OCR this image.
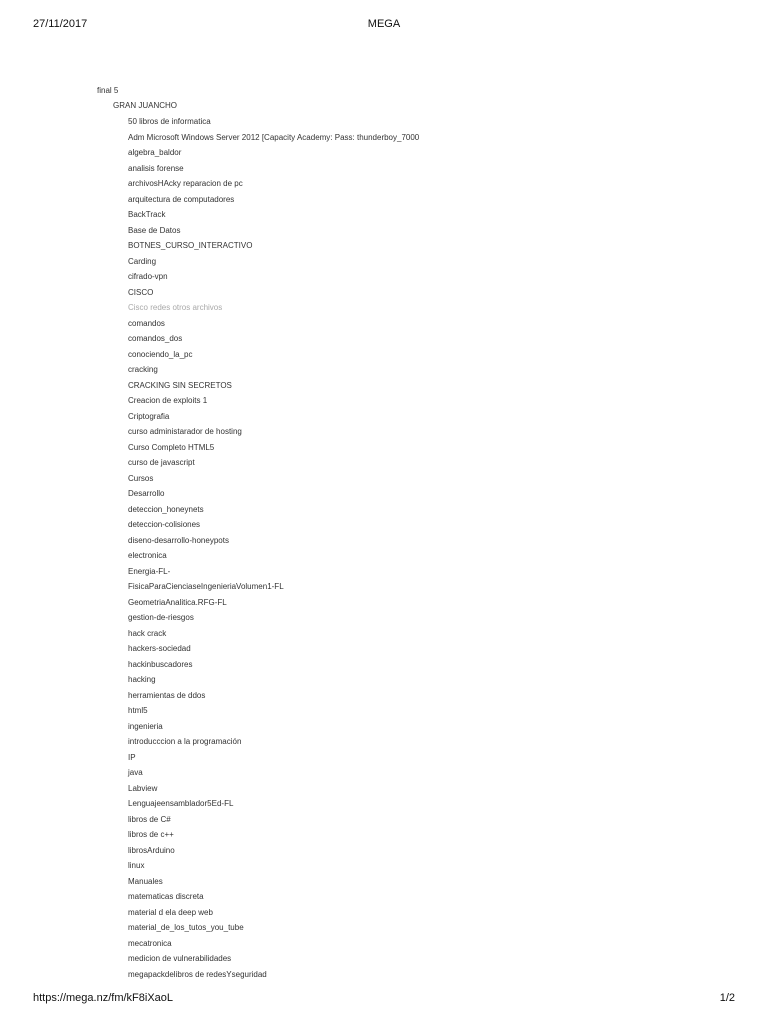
27/11/2017	MEGA
final 5
GRAN JUANCHO
50 libros de informatica
Adm Microsoft Windows Server 2012 [Capacity Academy: Pass: thunderboy_7000
algebra_baldor
analisis forense
archivosHAcky reparacion de pc
arquitectura de computadores
BackTrack
Base de Datos
BOTNES_CURSO_INTERACTIVO
Carding
cifrado-vpn
CISCO
Cisco redes otros archivos
comandos
comandos_dos
conociendo_la_pc
cracking
CRACKING SIN SECRETOS
Creacion de exploits 1
Criptografia
curso administarador de hosting
Curso Completo HTML5
curso de javascript
Cursos
Desarrollo
deteccion_honeynets
deteccion-colisiones
diseno-desarrollo-honeypots
electronica
Energia-FL-
FisicaParaCienciaseIngenieriaVolumen1-FL
GeometriaAnalitica.RFG-FL
gestion-de-riesgos
hack crack
hackers-sociedad
hackinbuscadores
hacking
herramientas de ddos
html5
ingenieria
introducccion a la programación
IP
java
Labview
Lenguajeensamblador5Ed-FL
libros de C#
libros de c++
librosArduino
linux
Manuales
matematicas discreta
material d ela deep web
material_de_los_tutos_you_tube
mecatronica
medicion de vulnerabilidades
megapackdelibros de redesYseguridad
https://mega.nz/fm/kF8iXaoL	1/2
